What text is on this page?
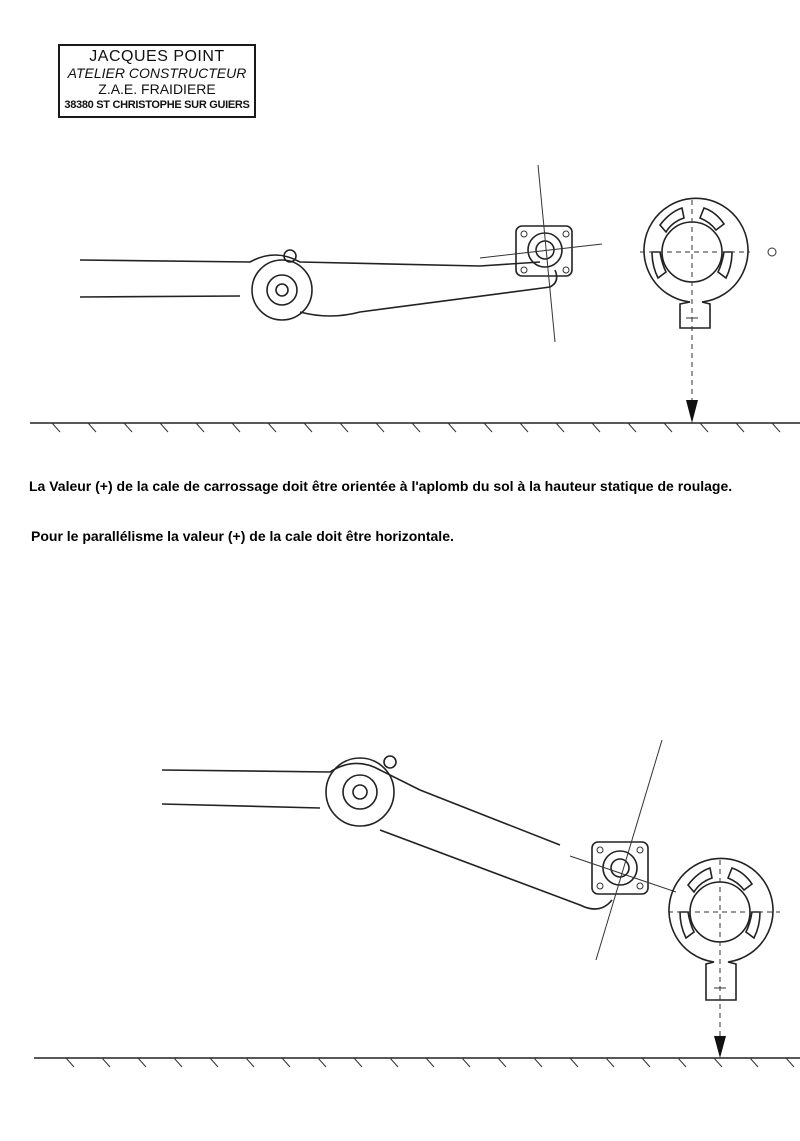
JACQUES POINT
ATELIER CONSTRUCTEUR
Z.A.E. FRAIDIERE
38380 ST CHRISTOPHE SUR GUIERS

La Valeur (+) de la cale de carrossage doit être orientée à l'aplomb du sol à la hauteur statique de roulage.

Pour le parallélisme la valeur (+) de la cale doit être horizontale.
